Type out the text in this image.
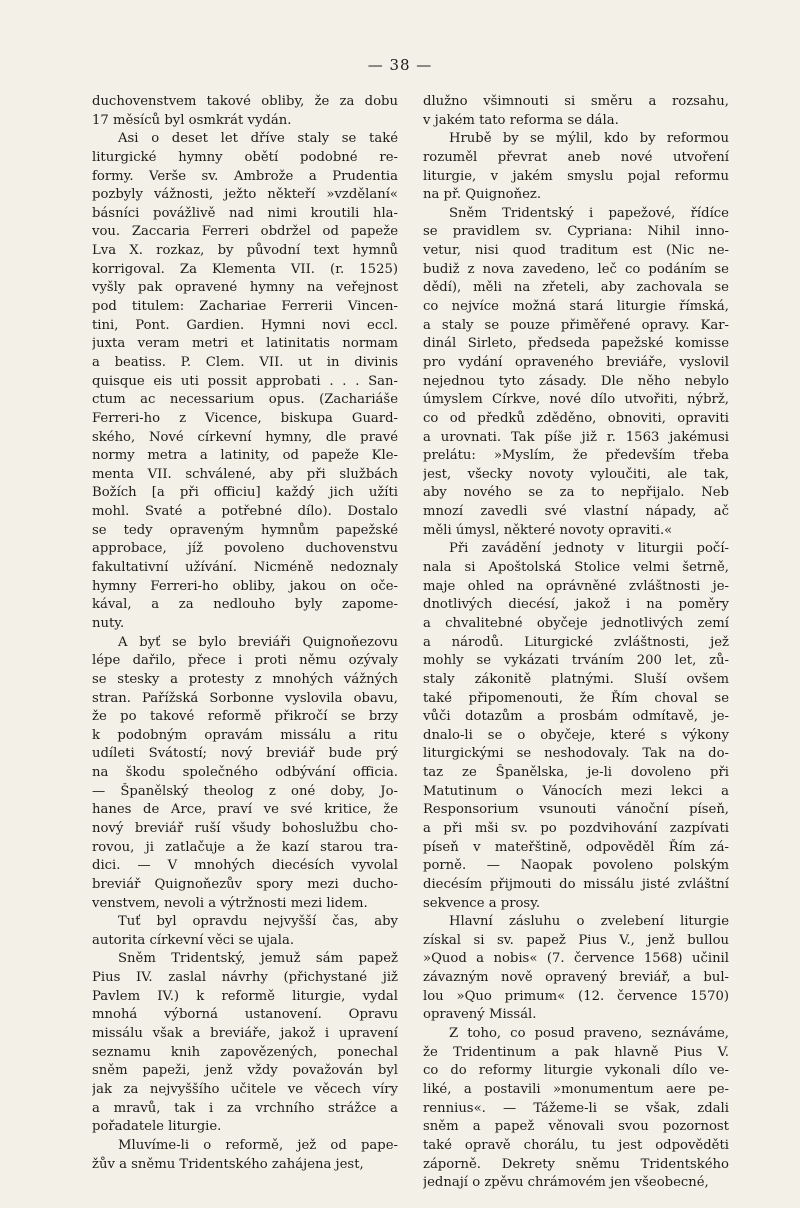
— 38 —
duchovenstvem takové obliby, že za dobu
17 měsíců byl osmkrát vydán.
Asi o deset let dříve staly se také
liturgické hymny obětí podobné re-
formy. Verše sv. Ambrože a Prudentia
pozbyly vážnosti, ježto někteří »vzdělaní«
básníci povážlivě nad nimi kroutili hla-
vou. Zaccaria Ferreri obdržel od papeže
Lva X. rozkaz, by původní text hymnů
korrigoval. Za Klementa VII. (r. 1525)
vyšly pak opravené hymny na veřejnost
pod titulem: Zachariae Ferrerii Vincen-
tini, Pont. Gardien. Hymni novi eccl.
juxta veram metri et latinitatis normam
a beatiss. P. Clem. VII. ut in divinis
quisque eis uti possit approbati . . . San-
ctum ac necessarium opus. (Zachariáše
Ferreri-ho z Vicence, biskupa Guard-
ského, Nové církevní hymny, dle pravé
normy metra a latinity, od papeže Kle-
menta VII. schválené, aby při službách
Božích [a při officiu] každý jich užíti
mohl. Svaté a potřebné dílo). Dostalo
se tedy opraveným hymnům papežské
approbace, jíž povoleno duchovenstvu
fakultativní užívání. Nicméně nedoznaly
hymny Ferreri-ho obliby, jakou on oče-
kával, a za nedlouho byly zapome-
nuty.
A byť se bylo breviáři Quignoňezovu
lépe dařilo, přece i proti němu ozývaly
se stesky a protesty z mnohých vážných
stran. Pařížská Sorbonne vyslovila obavu,
že po takové reformě přikročí se brzy
k podobným opravám missálu a ritu
udíleti Svátostí; nový breviář bude prý
na škodu společného odbývání officia.
— Španělský theolog z oné doby, Jo-
hanes de Arce, praví ve své kritice, že
nový breviář ruší všudy bohoslužbu cho-
rovou, ji zatlačuje a že kazí starou tra-
dici. — V mnohých diecésích vyvolal
breviář Quignoňezův spory mezi ducho-
venstvem, nevoli a výtržnosti mezi lidem.
Tuť byl opravdu nejvyšší čas, aby
autorita církevní věci se ujala.
Sněm Tridentský, jemuž sám papež
Pius IV. zaslal návrhy (přichystané již
Pavlem IV.) k reformě liturgie, vydal
mnohá výborná ustanovení. Opravu
missálu však a breviáře, jakož i upravení
seznamu knih zapovězených, ponechal
sněm papeži, jenž vždy považován byl
jak za nejvyššího učitele ve věcech víry
a mravů, tak i za vrchního strážce a
pořadatele liturgie.
Mluvíme-li o reformě, jež od pape-
žův a sněmu Tridentského zahájena jest,
dlužno všimnouti si směru a rozsahu,
v jakém tato reforma se dála.
Hrubě by se mýlil, kdo by reformou
rozuměl převrat aneb nové utvoření
liturgie, v jakém smyslu pojal reformu
na př. Quignoňez.
Sněm Tridentský i papežové, řídíce
se pravidlem sv. Cypriana: Nihil inno-
vetur, nisi quod traditum est (Nic ne-
budiž z nova zavedeno, leč co podáním se
dědí), měli na zřeteli, aby zachovala se
co nejvíce možná stará liturgie římská,
a staly se pouze přiměřené opravy. Kar-
dinál Sirleto, předseda papežské komisse
pro vydání opraveného breviáře, vyslovil
nejednou tyto zásady. Dle něho nebylo
úmyslem Církve, nové dílo utvořiti, nýbrž,
co od předků zděděno, obnoviti, opraviti
a urovnati. Tak píše již r. 1563 jakémusi
prelátu: »Myslím, že především třeba
jest, všecky novoty vyloučiti, ale tak,
aby nového se za to nepřijalo. Neb
mnozí zavedli své vlastní nápady, ač
měli úmysl, některé novoty opraviti.«
Při zavádění jednoty v liturgii počí-
nala si Apoštolská Stolice velmi šetrně,
maje ohled na oprávněné zvláštnosti je-
dnotlivých diecésí, jakož i na poměry
a chvalitebné obyčeje jednotlivých zemí
a národů. Liturgické zvláštnosti, jež
mohly se vykázati trváním 200 let, zů-
staly zákonitě platnými. Sluší ovšem
také připomenouti, že Řím choval se
vůči dotazům a prosbám odmítavě, je-
dnalo-li se o obyčeje, které s výkony
liturgickými se neshodovaly. Tak na do-
taz ze Španělska, je-li dovoleno při
Matutinum o Vánocích mezi lekci a
Responsorium vsunouti vánoční píseň,
a při mši sv. po pozdvihování zazpívati
píseň v mateřštině, odpověděl Řím zá-
porně. — Naopak povoleno polským
diecésím přijmouti do missálu jisté zvláštní
sekvence a prosy.
Hlavní zásluhu o zvelebení liturgie
získal si sv. papež Pius V., jenž bullou
»Quod a nobis« (7. července 1568) učinil
závazným nově opravený breviář, a bul-
lou »Quo primum« (12. července 1570)
opravený Missál.
Z toho, co posud praveno, seznáváme,
že Tridentinum a pak hlavně Pius V.
co do reformy liturgie vykonali dílo ve-
liké, a postavili »monumentum aere pe-
rennius«. — Tážeme-li se však, zdali
sněm a papež věnovali svou pozornost
také opravě chorálu, tu jest odpověděti
záporně. Dekrety sněmu Tridentského
jednají o zpěvu chrámovém jen všeobecné,
